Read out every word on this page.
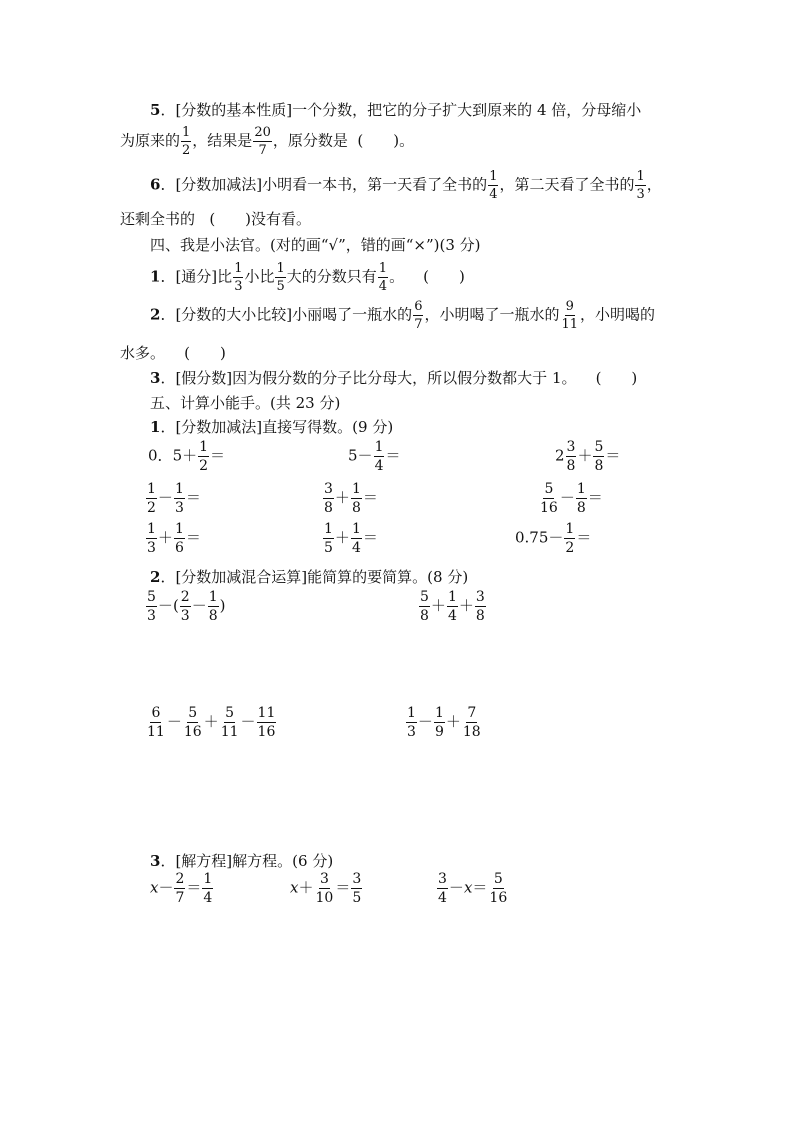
5．[分数的基本性质]一个分数，把它的分子扩大到原来的 4 倍，分母缩小
为原来的 $\frac{1}{2}$ ，结果是 $\frac{20}{7}$ ，原分数是 (　　)。
6．[分数加减法]小明看一本书，第一天看了全书的 $\frac{1}{4}$ ，第二天看了全书的 $\frac{1}{3}$ ，
还剩全书的 (　　)没有看。
四、我是小法官。(对的画“√”，错的画“×”)(3 分)
1．[通分]比 $\frac{1}{3}$ 小比 $\frac{1}{5}$ 大的分数只有 $\frac{1}{4}$ 。 (　　)
2．[分数的大小比较]小丽喝了一瓶水的 $\frac{6}{7}$ ，小明喝了一瓶水的 $\frac{9}{11}$ ，小明喝的
水多。 (　　)
3．[假分数]因为假分数的分子比分母大，所以假分数都大于 1。 (　　)
五、计算小能手。(共 23 分)
1．[分数加减法]直接写得数。(9 分)
0．$5+ \frac{1}{2}$ ＝	$5- \frac{1}{4}$ ＝	$2 \frac{3}{8} + \frac{5}{8}$ ＝
$\frac{1}{2} - \frac{1}{3}$ ＝	$\frac{3}{8} + \frac{1}{8}$ ＝	$\frac{5}{16} - \frac{1}{8}$ ＝
$\frac{1}{3} + \frac{1}{6}$ ＝	$\frac{1}{5} + \frac{1}{4}$ ＝	$0.75- \frac{1}{2}$ ＝
2．[分数加减混合运算]能简算的要简算。(8 分)
$\frac{5}{3}$ －( $\frac{2}{3} - \frac{1}{8}$ )	$\frac{5}{8} + \frac{1}{4} + \frac{3}{8}$
$\frac{6}{11} - \frac{5}{16} + \frac{5}{11} - \frac{11}{16}$	$\frac{1}{3} - \frac{1}{9} + \frac{7}{18}$
3．[解方程]解方程。(6 分)
$x- \frac{2}{7} = \frac{1}{4}$	$x+ \frac{3}{10} = \frac{3}{5}$	$\frac{3}{4} -x= \frac{5}{16}$
